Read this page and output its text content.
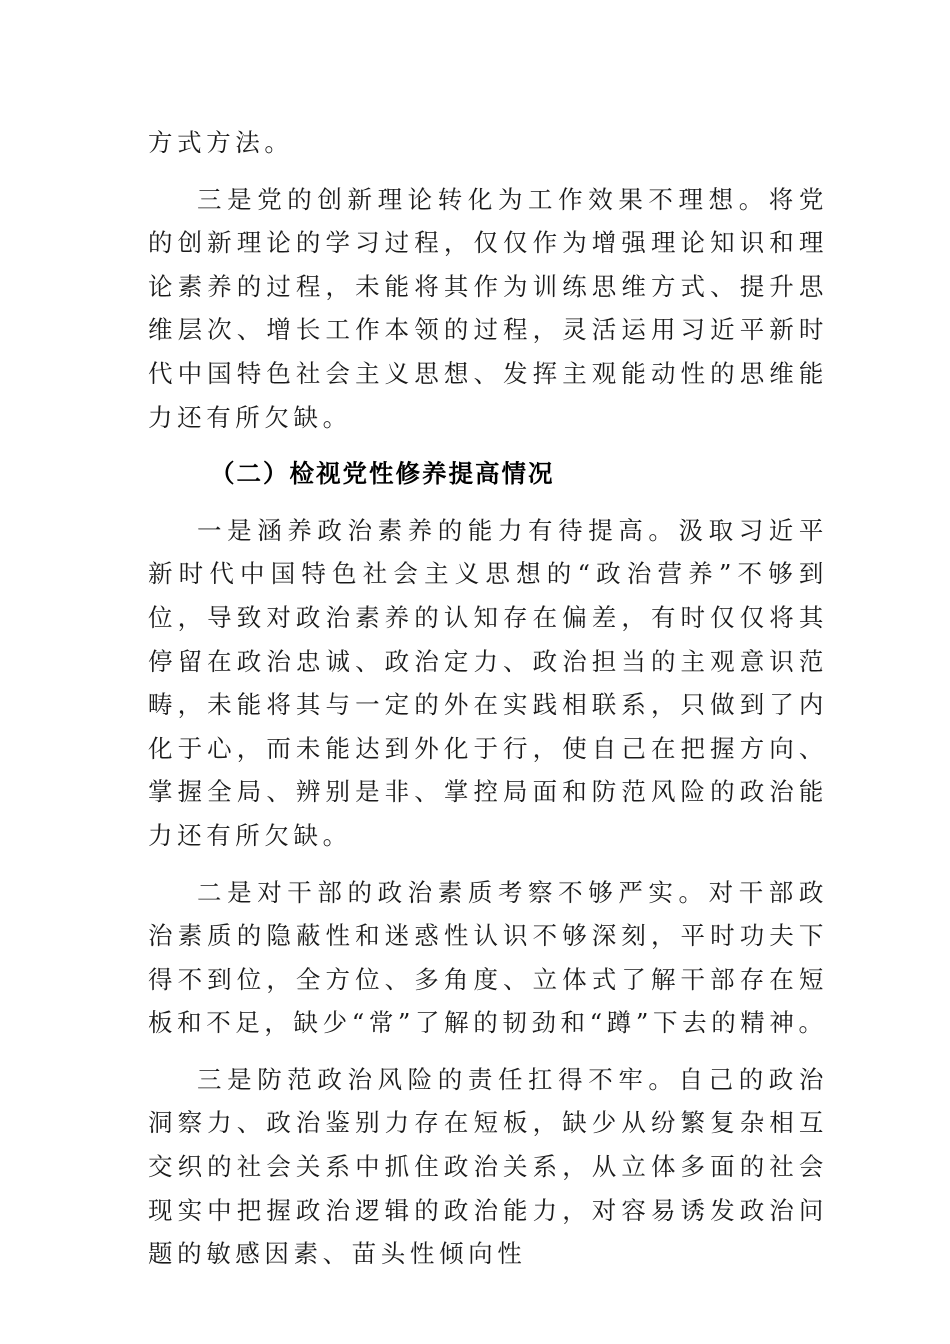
方式方法。

三是党的创新理论转化为工作效果不理想。将党的创新理论的学习过程，仅仅作为增强理论知识和理论素养的过程，未能将其作为训练思维方式、提升思维层次、增长工作本领的过程，灵活运用习近平新时代中国特色社会主义思想、发挥主观能动性的思维能力还有所欠缺。

（二）检视党性修养提高情况

一是涵养政治素养的能力有待提高。汲取习近平新时代中国特色社会主义思想的“政治营养”不够到位，导致对政治素养的认知存在偏差，有时仅仅将其停留在政治忠诚、政治定力、政治担当的主观意识范畴，未能将其与一定的外在实践相联系，只做到了内化于心，而未能达到外化于行，使自己在把握方向、掌握全局、辨别是非、掌控局面和防范风险的政治能力还有所欠缺。

二是对干部的政治素质考察不够严实。对干部政治素质的隐蔽性和迷惑性认识不够深刻，平时功夫下得不到位，全方位、多角度、立体式了解干部存在短板和不足，缺少“常”了解的韧劲和“蹲”下去的精神。

三是防范政治风险的责任扛得不牢。自己的政治洞察力、政治鉴别力存在短板，缺少从纷繁复杂相互交织的社会关系中抓住政治关系，从立体多面的社会现实中把握政治逻辑的政治能力，对容易诱发政治问题的敏感因素、苗头性倾向性
